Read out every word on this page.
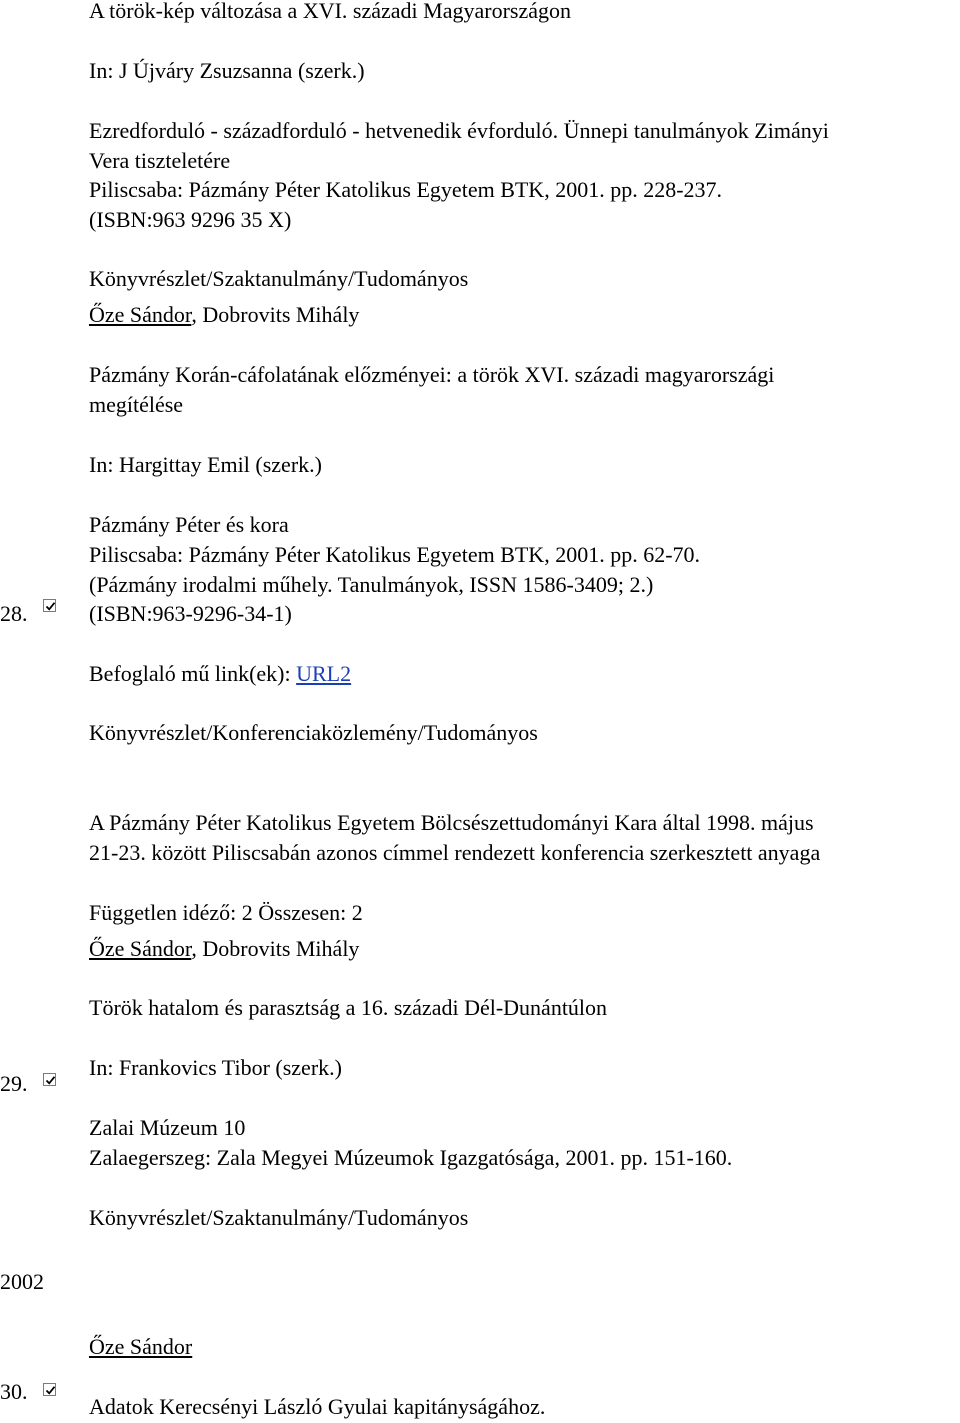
A török-kép változása a XVI. századi Magyarországon
In: J Újváry Zsuzsanna (szerk.)
Ezredforduló - századforduló - hetvenedik évforduló. Ünnepi tanulmányok Zimányi
Vera tiszteletére
Piliscsaba: Pázmány Péter Katolikus Egyetem BTK, 2001. pp. 228-237.
(ISBN:963 9296 35 X)
Könyvrészlet/Szaktanulmány/Tudományos
Őze Sándor, Dobrovits Mihály
Pázmány Korán-cáfolatának előzményei: a török XVI. századi magyarországi
megítélése
In: Hargittay Emil (szerk.)
Pázmány Péter és kora
Piliscsaba: Pázmány Péter Katolikus Egyetem BTK, 2001. pp. 62-70.
(Pázmány irodalmi műhely. Tanulmányok, ISSN 1586-3409; 2.)
28.	(ISBN:963-9296-34-1)
Befoglaló mű link(ek): URL2
Könyvrészlet/Konferenciaközlemény/Tudományos
A Pázmány Péter Katolikus Egyetem Bölcsészettudományi Kara által 1998. május
21-23. között Piliscsabán azonos címmel rendezett konferencia szerkesztett anyaga
Független idéző: 2 Összesen: 2
Őze Sándor, Dobrovits Mihály
Török hatalom és parasztság a 16. századi Dél-Dunántúlon
In: Frankovics Tibor (szerk.)
29.
Zalai Múzeum 10
Zalaegerszeg: Zala Megyei Múzeumok Igazgatósága, 2001. pp. 151-160.
Könyvrészlet/Szaktanulmány/Tudományos
2002
Őze Sándor
30.
Adatok Kerecsényi László Gyulai kapitányságához.
